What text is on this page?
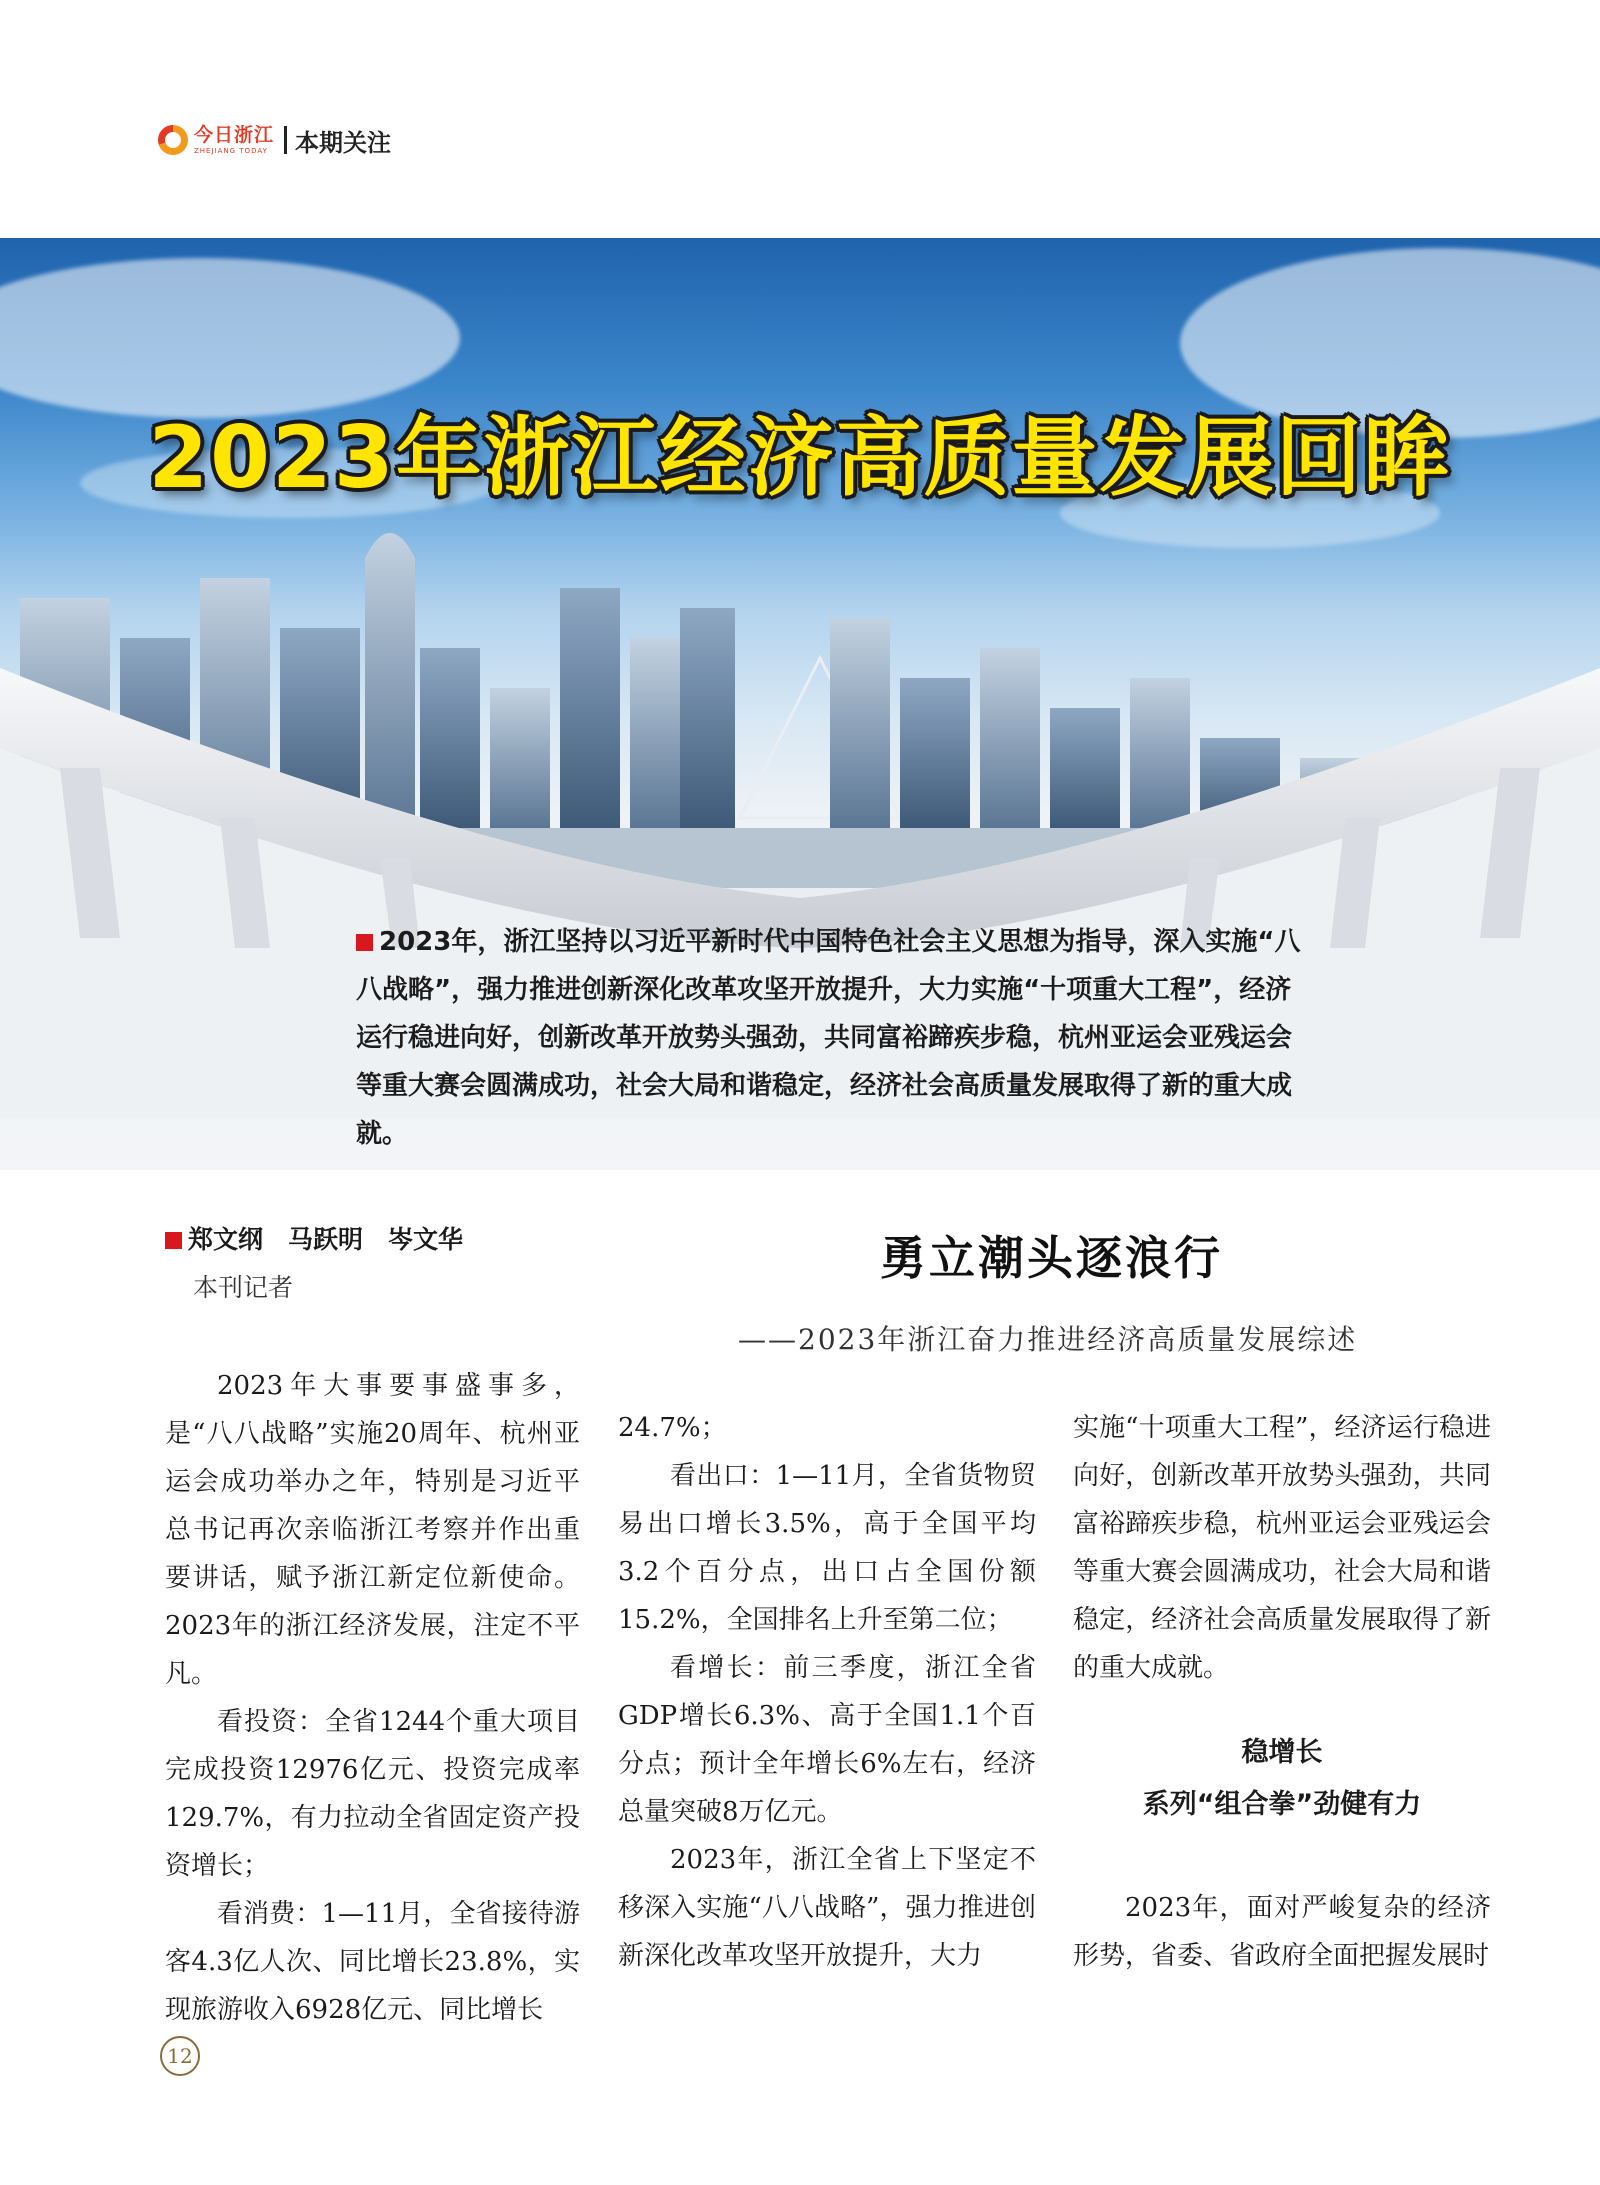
今日浙江
ZHEJIANG TODAY 本期关注
2023年浙江经济高质量发展回眸
2023年，浙江坚持以习近平新时代中国特色社会主义思想为指导，深入实施“八八战略”，强力推进创新深化改革攻坚开放提升，大力实施“十项重大工程”，经济运行稳进向好，创新改革开放势头强劲，共同富裕蹄疾步稳，杭州亚运会亚残运会等重大赛会圆满成功，社会大局和谐稳定，经济社会高质量发展取得了新的重大成就。
郑文纲　马跃明　岑文华
本刊记者
勇立潮头逐浪行
——2023年浙江奋力推进经济高质量发展综述

2023年大事要事盛事多，是“八八战略”实施20周年、杭州亚运会成功举办之年，特别是习近平总书记再次亲临浙江考察并作出重要讲话，赋予浙江新定位新使命。2023年的浙江经济发展，注定不平凡。

看投资：全省1244个重大项目完成投资12976亿元、投资完成率129.7%，有力拉动全省固定资产投资增长；

看消费：1—11月，全省接待游客4.3亿人次、同比增长23.8%，实现旅游收入6928亿元、同比增长

24.7%；

看出口：1—11月，全省货物贸易出口增长3.5%，高于全国平均3.2个百分点，出口占全国份额15.2%，全国排名上升至第二位；

看增长：前三季度，浙江全省GDP增长6.3%、高于全国1.1个百分点；预计全年增长6%左右，经济总量突破8万亿元。

2023年，浙江全省上下坚定不移深入实施“八八战略”，强力推进创新深化改革攻坚开放提升，大力

实施“十项重大工程”，经济运行稳进向好，创新改革开放势头强劲，共同富裕蹄疾步稳，杭州亚运会亚残运会等重大赛会圆满成功，社会大局和谐稳定，经济社会高质量发展取得了新的重大成就。

稳增长
系列“组合拳”劲健有力

2023年，面对严峻复杂的经济形势，省委、省政府全面把握发展时

12
